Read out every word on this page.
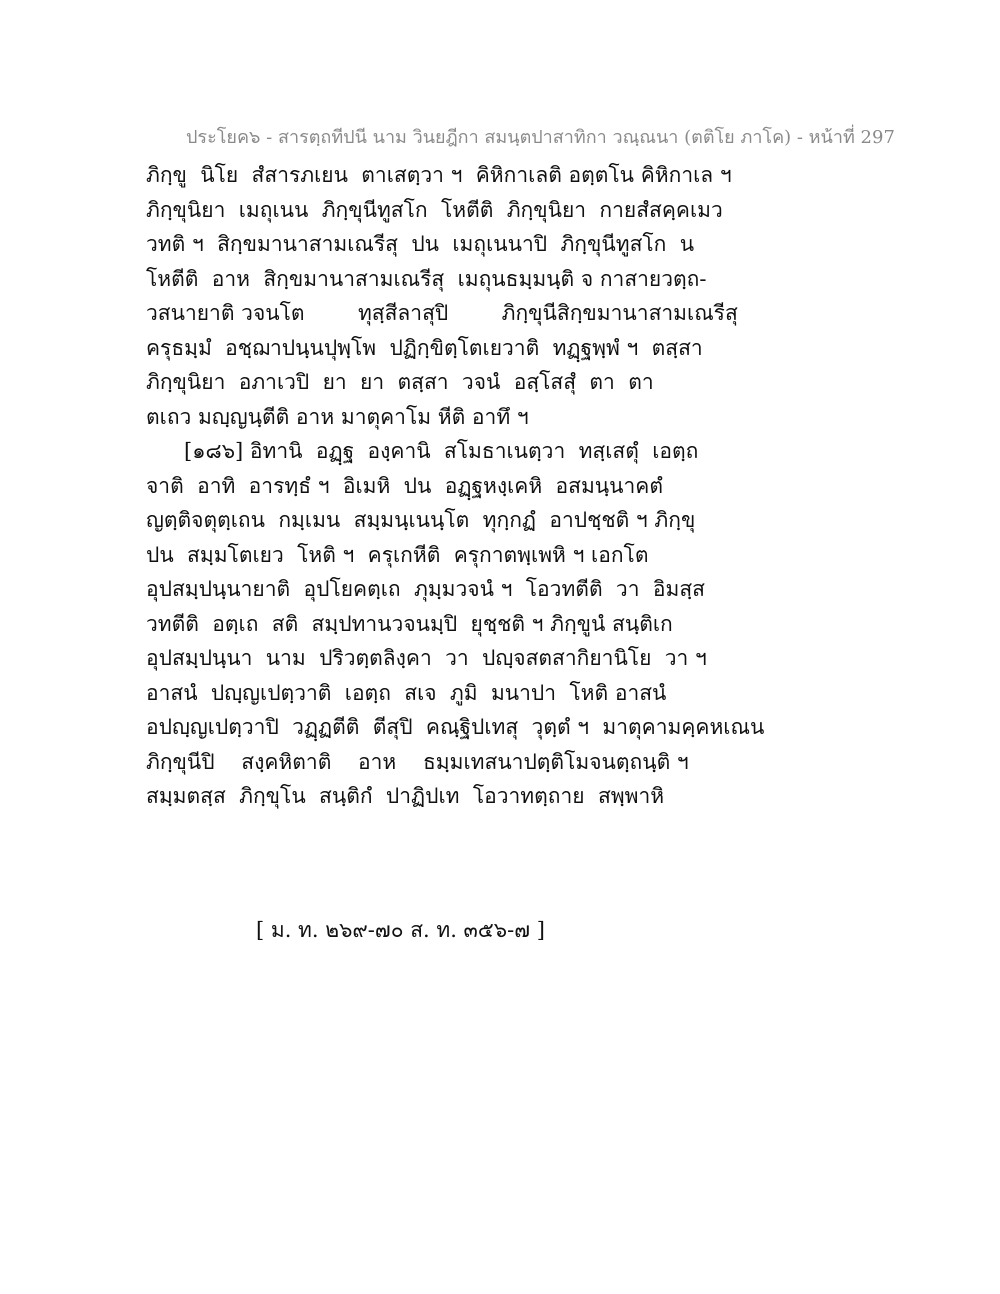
ประโยค๖ - สารตฺถทีปนี นาม วินยฎีกา สมนฺตปาสาทิกา วณฺณนา (ตติโย ภาโค) - หน้าที่ 297
ภิกฺขู  นิโย  สํสารภเยน  ตาเสตฺวา ฯ  คิหิกาเลติ อตฺตโน คิหิกาเล ฯ
ภิกฺขุนิยา  เมถุเนน  ภิกฺขุนีทูสโก  โหตีติ  ภิกฺขุนิยา  กายสํสคฺคเมว
วทติ ฯ  สิกฺขมานาสามเณรีสุ  ปน  เมถุเนนาปิ  ภิกฺขุนีทูสโก  น
โหตีติ  อาห  สิกฺขมานาสามเณรีสุ  เมถุนธมฺมนฺติ จ กาสายวตฺถ-
วสนายาติ วจนโต        ทุสฺสีลาสุปิ        ภิกฺขุนีสิกฺขมานาสามเณรีสุ
ครุธมฺมํ  อชฺฌาปนฺนปุพฺโพ  ปฏิกฺขิตฺโตเยวาติ  ทฏฺฐพฺพํ ฯ  ตสฺสา
ภิกฺขุนิยา  อภาเวปิ  ยา  ยา  ตสฺสา  วจนํ  อสฺโสสุํ  ตา  ตา
ตเถว มญฺญนฺตีติ อาห มาตุคาโม หีติ อาทึ ฯ
[๑๘๖] อิทานิ  อฏฺฐ  องฺคานิ  สโมธาเนตฺวา  ทสฺเสตุํ  เอตฺถ
จาติ  อาทิ  อารทฺธํ ฯ  อิเมหิ  ปน  อฏฺฐหงฺเคหิ  อสมนฺนาคตํ
ญตฺติจตุตฺเถน  กมฺเมน  สมฺมนฺเนนฺโต  ทุกฺกฏํ  อาปชฺชติ ฯ ภิกฺขุ
ปน  สมฺมโตเยว  โหติ ฯ  ครุเกหีติ  ครุกาตพฺเพหิ ฯ เอกโต
อุปสมฺปนฺนายาติ  อุปโยคตฺเถ  ภุมฺมวจนํ ฯ  โอวทตีติ  วา  อิมสฺส
วทตีติ  อตฺเถ  สติ  สมฺปทานวจนมฺปิ  ยุชฺชติ ฯ ภิกฺขูนํ สนฺติเก
อุปสมฺปนฺนา  นาม  ปริวตฺตลิงฺคา  วา  ปญฺจสตสากิยานิโย  วา ฯ
อาสนํ  ปญฺญเปตฺวาติ  เอตฺถ  สเจ  ภูมิ  มนาปา  โหติ อาสนํ
อปญฺญเปตฺวาปิ  วฏฺฏตีติ  ตีสุปิ  คณฺฐิปเทสุ  วุตฺตํ ฯ  มาตุคามคฺคหเณน
ภิกฺขุนีปิ    สงฺคหิตาติ    อาห    ธมฺมเทสนาปตฺติโมจนตฺถนฺติ ฯ
สมฺมตสฺส  ภิกฺขุโน  สนฺติกํ  ปาฏิปเท  โอวาทตฺถาย  สพฺพาหิ
[ ม. ท. ๒๖๙-๗๐ ส. ท. ๓๕๖-๗ ]
